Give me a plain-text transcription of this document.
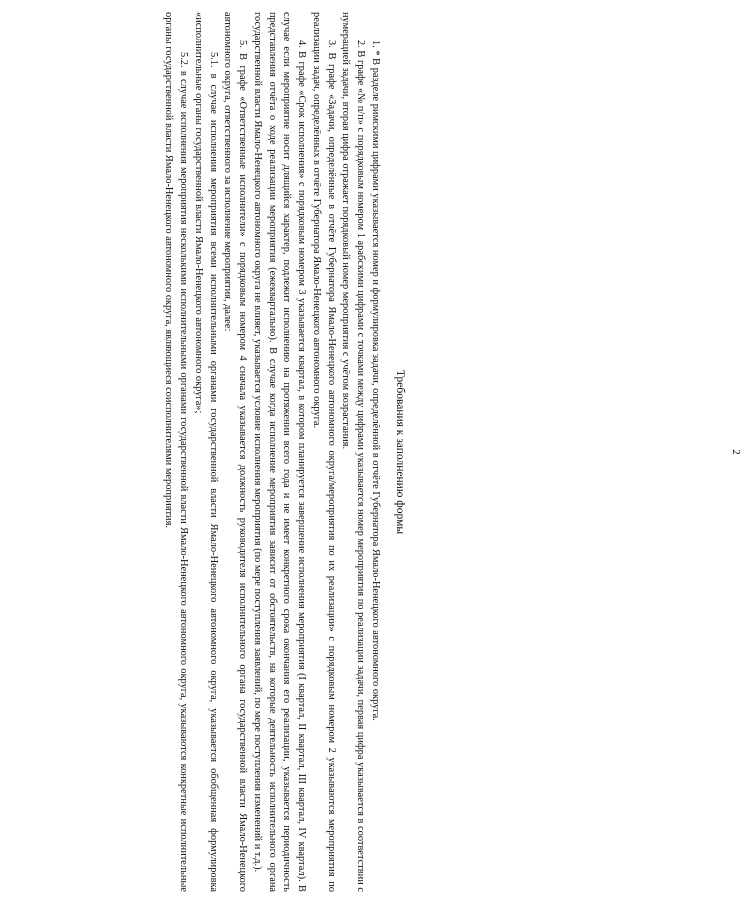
2

Требования к заполнению формы

1. * В разделе римскими цифрами указывается номер и формулировка задачи, определённой в отчёте Губернатора Ямало-Ненецкого автономного округа.

2. В графе «№ п/п» с порядковым номером 1 арабскими цифрами с точками между цифрами указывается номер мероприятия по реализации задачи, первая цифра указывается в соответствии с нумерацией задачи, вторая цифра отражает порядковый номер мероприятия с учётом возрастания.

3. В графе «Задачи, определённые в отчёте Губернатора Ямало-Ненецкого автономного округа/мероприятия по их реализации» с порядковым номером 2 указываются мероприятия по реализации задач, определённых в отчёте Губернатора Ямало-Ненецкого автономного округа.

4. В графе «Срок исполнения» с порядковым номером 3 указывается квартал, в котором планируется завершение исполнения мероприятия (I квартал, II квартал, III квартал, IV квартал). В случае если мероприятие носит длящийся характер, подлежит исполнению на протяжении всего года и не имеет конкретного срока окончания его реализации, указывается периодичность представления отчёта о ходе реализации мероприятия (ежеквартально). В случае когда исполнение мероприятия зависит от обстоятельств, на которые деятельность исполнительного органа государственной власти Ямало-Ненецкого автономного округа не влияет, указывается условие исполнения мероприятия (по мере поступления заявлений, по мере поступления изменений и т.д.).

5. В графе «Ответственные исполнители» с порядковым номером 4 сначала указывается должность руководителя исполнительного органа государственной власти Ямало-Ненецкого автономного округа, ответственного за исполнение мероприятия, далее:

5.1. в случае исполнения мероприятия всеми исполнительными органами государственной власти Ямало-Ненецкого автономного округа, указывается обобщенная формулировка «исполнительные органы государственной власти Ямало-Ненецкого автономного округа»;

5.2. в случае исполнения мероприятия несколькими исполнительными органами государственной власти Ямало-Ненецкого автономного округа, указываются конкретные исполнительные органы государственной власти Ямало-Ненецкого автономного округа, являющиеся соисполнителями мероприятия.
